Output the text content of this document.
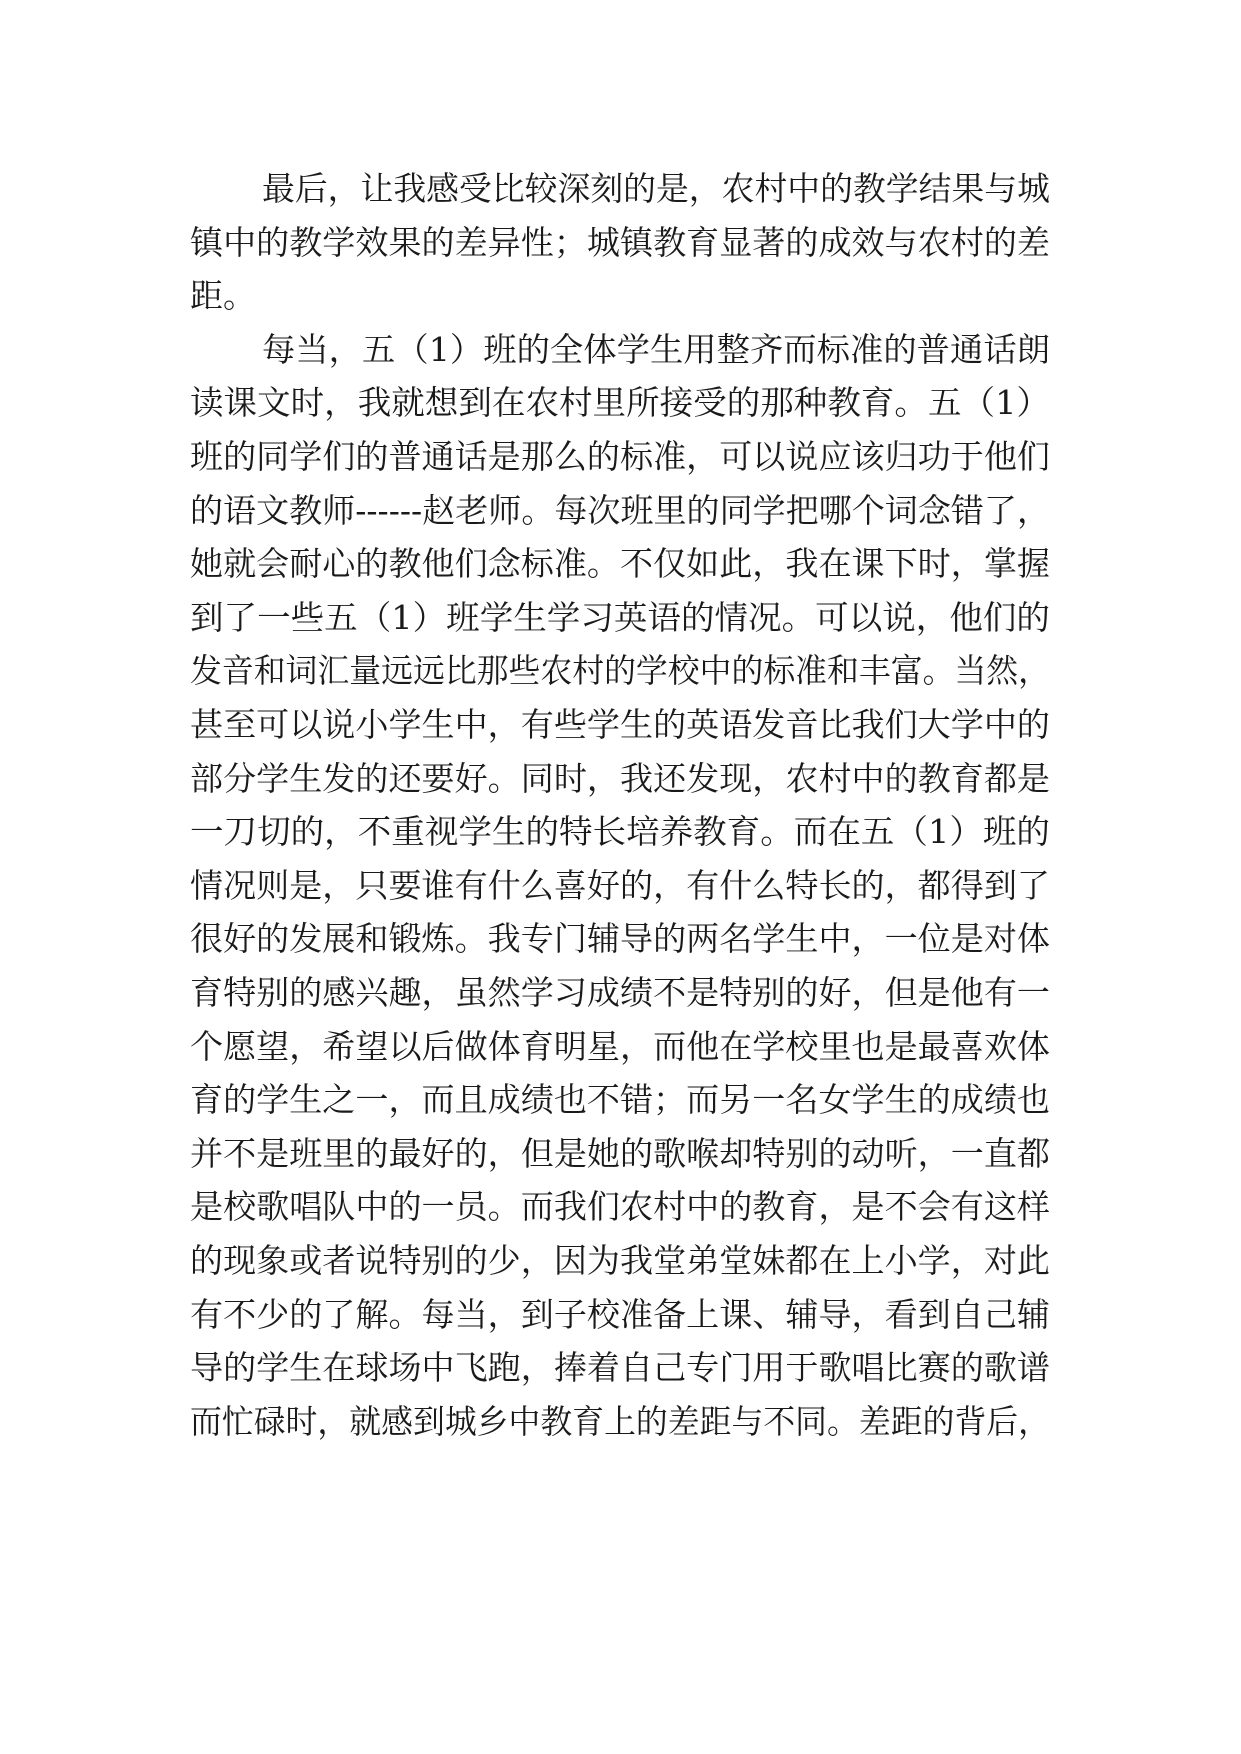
最后，让我感受比较深刻的是，农村中的教学结果与城
镇中的教学效果的差异性；城镇教育显著的成效与农村的差
距。
每当，五（1）班的全体学生用整齐而标准的普通话朗
读课文时，我就想到在农村里所接受的那种教育。五（1）
班的同学们的普通话是那么的标准，可以说应该归功于他们
的语文教师------赵老师。每次班里的同学把哪个词念错了，
她就会耐心的教他们念标准。不仅如此，我在课下时，掌握
到了一些五（1）班学生学习英语的情况。可以说，他们的
发音和词汇量远远比那些农村的学校中的标准和丰富。当然，
甚至可以说小学生中，有些学生的英语发音比我们大学中的
部分学生发的还要好。同时，我还发现，农村中的教育都是
一刀切的，不重视学生的特长培养教育。而在五（1）班的
情况则是，只要谁有什么喜好的，有什么特长的，都得到了
很好的发展和锻炼。我专门辅导的两名学生中，一位是对体
育特别的感兴趣，虽然学习成绩不是特别的好，但是他有一
个愿望，希望以后做体育明星，而他在学校里也是最喜欢体
育的学生之一，而且成绩也不错；而另一名女学生的成绩也
并不是班里的最好的，但是她的歌喉却特别的动听，一直都
是校歌唱队中的一员。而我们农村中的教育，是不会有这样
的现象或者说特别的少，因为我堂弟堂妹都在上小学，对此
有不少的了解。每当，到子校准备上课、辅导，看到自己辅
导的学生在球场中飞跑，捧着自己专门用于歌唱比赛的歌谱
而忙碌时，就感到城乡中教育上的差距与不同。差距的背后，
